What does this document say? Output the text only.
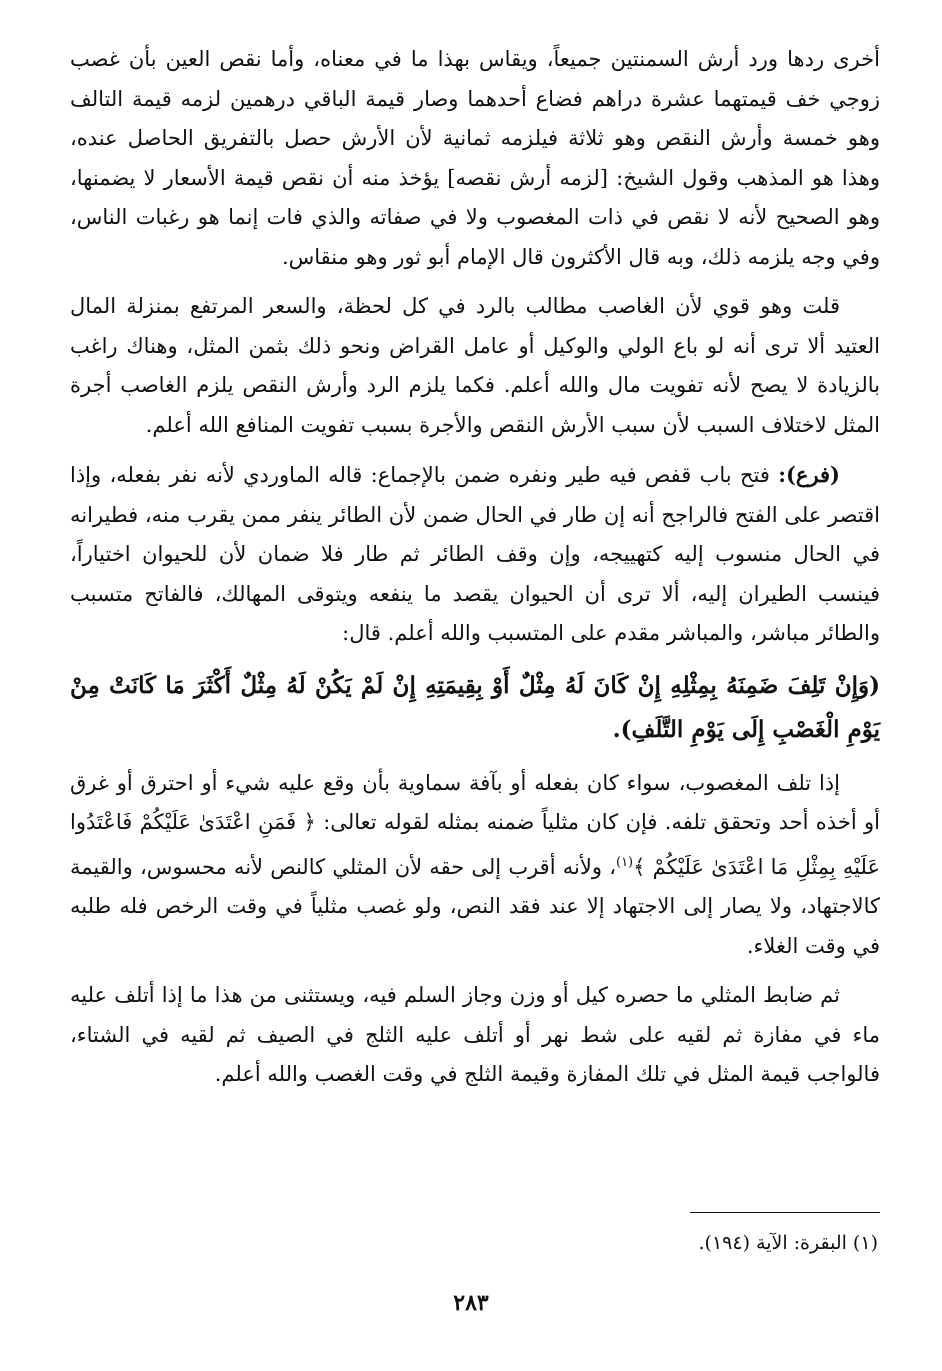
أخرى ردها ورد أرش السمنتين جميعاً، ويقاس بهذا ما في معناه، وأما نقص العين بأن غصب زوجي خف قيمتهما عشرة دراهم فضاع أحدهما وصار قيمة الباقي درهمين لزمه قيمة التالف وهو خمسة وأرش النقص وهو ثلاثة فيلزمه ثمانية لأن الأرش حصل بالتفريق الحاصل عنده، وهذا هو المذهب وقول الشيخ: [لزمه أرش نقصه] يؤخذ منه أن نقص قيمة الأسعار لا يضمنها، وهو الصحيح لأنه لا نقص في ذات المغصوب ولا في صفاته والذي فات إنما هو رغبات الناس، وفي وجه يلزمه ذلك، وبه قال الأكثرون قال الإمام أبو ثور وهو منقاس.

قلت وهو قوي لأن الغاصب مطالب بالرد في كل لحظة، والسعر المرتفع بمنزلة المال العتيد ألا ترى أنه لو باع الولي والوكيل أو عامل القراض ونحو ذلك بثمن المثل، وهناك راغب بالزيادة لا يصح لأنه تفويت مال والله أعلم. فكما يلزم الرد وأرش النقص يلزم الغاصب أجرة المثل لاختلاف السبب لأن سبب الأرش النقص والأجرة بسبب تفويت المنافع الله أعلم.

(فرع): فتح باب قفص فيه طير ونفره ضمن بالإجماع: قاله الماوردي لأنه نفر بفعله، وإذا اقتصر على الفتح فالراجح أنه إن طار في الحال ضمن لأن الطائر ينفر ممن يقرب منه، فطيرانه في الحال منسوب إليه كتهييجه، وإن وقف الطائر ثم طار فلا ضمان لأن للحيوان اختياراً، فينسب الطيران إليه، ألا ترى أن الحيوان يقصد ما ينفعه ويتوقى المهالك، فالفاتح متسبب والطائر مباشر، والمباشر مقدم على المتسبب والله أعلم. قال:

(وَإِنْ تَلِفَ ضَمِنَهُ بِمِثْلِهِ إِنْ كَانَ لَهُ مِثْلٌ أَوْ بِقِيمَتِهِ إِنْ لَمْ يَكُنْ لَهُ مِثْلٌ أَكْثَرَ مَا كَانَتْ مِنْ يَوْمِ الْغَصْبِ إِلَى يَوْمِ التَّلَفِ).

إذا تلف المغصوب، سواء كان بفعله أو بآفة سماوية بأن وقع عليه شيء أو احترق أو غرق أو أخذه أحد وتحقق تلفه. فإن كان مثلياً ضمنه بمثله لقوله تعالى: ﴿ فَمَنِ اعْتَدَىٰ عَلَيْكُمْ فَاعْتَدُوا عَلَيْهِ بِمِثْلِ مَا اعْتَدَىٰ عَلَيْكُمْ ﴾$^{(١)}$، ولأنه أقرب إلى حقه لأن المثلي كالنص لأنه محسوس، والقيمة كالاجتهاد، ولا يصار إلى الاجتهاد إلا عند فقد النص، ولو غصب مثلياً في وقت الرخص فله طلبه في وقت الغلاء.

ثم ضابط المثلي ما حصره كيل أو وزن وجاز السلم فيه، ويستثنى من هذا ما إذا أتلف عليه ماء في مفازة ثم لقيه على شط نهر أو أتلف عليه الثلج في الصيف ثم لقيه في الشتاء، فالواجب قيمة المثل في تلك المفازة وقيمة الثلج في وقت الغصب والله أعلم.

(١) البقرة: الآية (١٩٤).
٢٨٣
